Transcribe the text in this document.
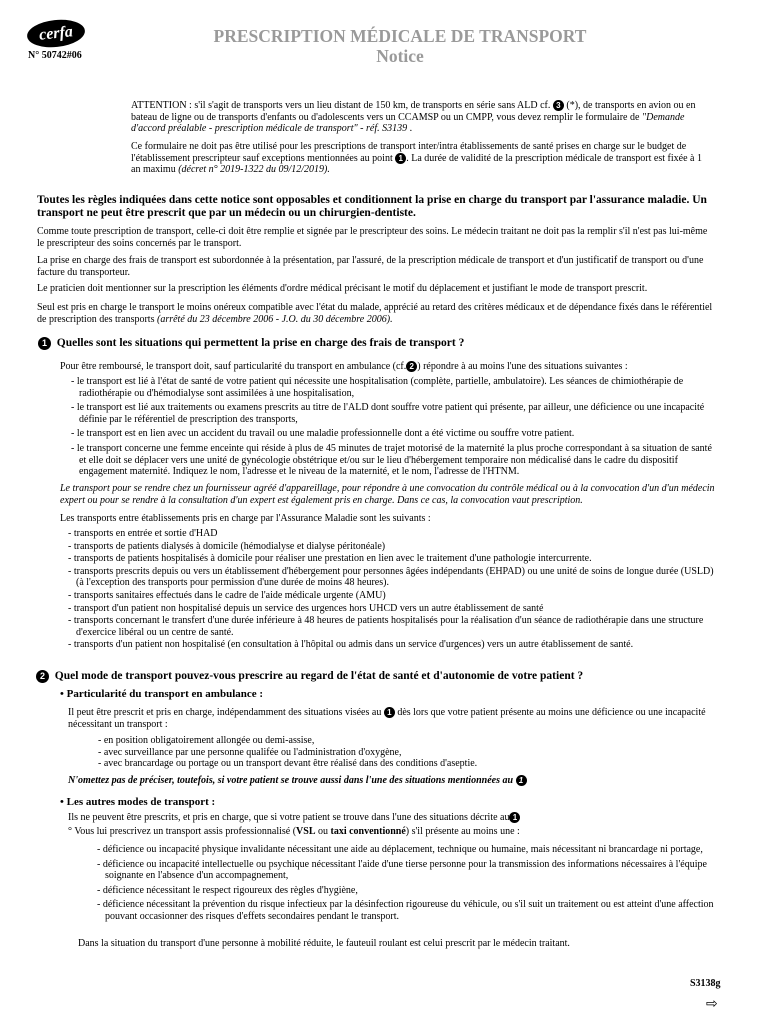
cerfa
N° 50742#06
PRESCRIPTION MÉDICALE DE TRANSPORT
Notice
ATTENTION : s'il s'agit de transports vers un lieu distant de 150 km, de transports en série sans ALD cf. 3 (*), de transports en avion ou en bateau de ligne ou de transports d'enfants ou d'adolescents vers un CCAMSP ou un CMPP, vous devez remplir le formulaire de "Demande d'accord préalable - prescription médicale de transport" - réf. S3139 .
Ce formulaire ne doit pas être utilisé pour les prescriptions de transport inter/intra établissements de santé prises en charge sur le budget de l'établissement prescripteur sauf exceptions mentionnées au point 1 . La durée de validité de la prescription médicale de transport est fixée à 1 an maximu (décret n° 2019-1322 du 09/12/2019).
Toutes les règles indiquées dans cette notice sont opposables et conditionnent la prise en charge du transport par l'assurance maladie. Un transport ne peut être prescrit que par un médecin ou un chirurgien-dentiste.
Comme toute prescription de transport, celle-ci doit être remplie et signée par le prescripteur des soins. Le médecin traitant ne doit pas la remplir s'il n'est pas lui-même le prescripteur des soins concernés par le transport.
La prise en charge des frais de transport est subordonnée à la présentation, par l'assuré, de la prescription médicale de transport et d'un justificatif de transport ou d'une facture du transporteur.
Le praticien doit mentionner sur la prescription les éléments d'ordre médical précisant le motif du déplacement et justifiant le mode de transport prescrit.
Seul est pris en charge le transport le moins onéreux compatible avec l'état du malade, apprécié au retard des critères médicaux et de dépendance fixés dans le référentiel de prescription des transports (arrêté du 23 décembre 2006 - J.O. du 30 décembre 2006).
1 Quelles sont les situations qui permettent la prise en charge des frais de transport ?
Pour être remboursé, le transport doit, sauf particularité du transport en ambulance (cf. 2 ) répondre à au moins l'une des situations suivantes :
- le transport est lié à l'état de santé de votre patient qui nécessite une hospitalisation (complète, partielle, ambulatoire). Les séances de chimiothérapie de radiothérapie ou d'hémodialyse sont assimilées à une hospitalisation,
- le transport est lié aux traitements ou examens prescrits au titre de l'ALD dont souffre votre patient qui présente, par ailleur, une déficience ou une incapacité définie par le référentiel de prescription des transports,
- le transport est en lien avec un accident du travail ou une maladie professionnelle dont a été victime ou souffre votre patient.
- le transport concerne une femme enceinte qui réside à plus de 45 minutes de trajet motorisé de la maternité la plus proche correspondant à sa situation de santé et elle doit se déplacer vers une unité de gynécologie obstétrique et/ou sur le lieu d'hébergement temporaire non médicalisé dans le cadre du dispositif engagement maternité. Indiquez le nom, l'adresse et le niveau de la maternité, et le nom, l'adresse de l'HTNM.
Le transport pour se rendre chez un fournisseur agréé d'appareillage, pour répondre à une convocation du contrôle médical ou à la convocation d'un d'un médecin expert ou pour se rendre à la consultation d'un expert est également pris en charge. Dans ce cas, la convocation vaut prescription.
Les transports entre établissements pris en charge par l'Assurance Maladie sont les suivants :
- transports en entrée et sortie d'HAD
- transports de patients dialysés à domicile (hémodialyse et dialyse péritonéale)
- transports de patients hospitalisés à domicile pour réaliser une prestation en lien avec le traitement d'une pathologie intercurrente.
- transports prescrits depuis ou vers un établissement d'hébergement pour personnes âgées indépendants (EHPAD) ou une unité de soins de longue durée (USLD) (à l'exception des transports pour permission d'une durée de moins 48 heures).
- transports sanitaires effectués dans le cadre de l'aide médicale urgente (AMU)
- transport d'un patient non hospitalisé depuis un service des urgences hors UHCD vers un autre établissement de santé
- transports concernant le transfert d'une durée inférieure à 48 heures de patients hospitalisés pour la réalisation d'un séance de radiothérapie dans une structure d'exercice libéral ou un centre de santé.
- transports d'un patient non hospitalisé (en consultation à l'hôpital ou admis dans un service d'urgences) vers un autre établissement de santé.
2 Quel mode de transport pouvez-vous prescrire au regard de l'état de santé et d'autonomie de votre patient ?
• Particularité du transport en ambulance :
Il peut être prescrit et pris en charge, indépendamment des situations visées au 1 dès lors que votre patient présente au moins une déficience ou une incapacité nécessitant un transport :
- en position obligatoirement allongée ou demi-assise,
- avec surveillance par une personne qualifée ou l'administration d'oxygène,
- avec brancardage ou portage ou un transport devant être réalisé dans des conditions d'aseptie.
N'omettez pas de préciser, toutefois, si votre patient se trouve aussi dans l'une des situations mentionnées au 1
• Les autres modes de transport :
Ils ne peuvent être prescrits, et pris en charge, que si votre patient se trouve dans l'une des situations décrite au 1
° Vous lui prescrivez un transport assis professionnalisé (VSL ou taxi conventionné) s'il présente au moins une :
- déficience ou incapacité physique invalidante nécessitant une aide au déplacement, technique ou humaine, mais nécessitant ni brancardage ni portage,
- déficience ou incapacité intellectuelle ou psychique nécessitant l'aide d'une tierse personne pour la transmission des informations nécessaires à l'équipe soignante en l'absence d'un accompagnement,
- déficience nécessitant le respect rigoureux des règles d'hygiène,
- déficience nécessitant la prévention du risque infectieux par la désinfection rigoureuse du véhicule, ou s'il suit un traitement ou est atteint d'une affection pouvant occasionner des risques d'effets secondaires pendant le transport.
Dans la situation du transport d'une personne à mobilité réduite, le fauteuil roulant est celui prescrit par le médecin traitant.
S3138g
⇨
